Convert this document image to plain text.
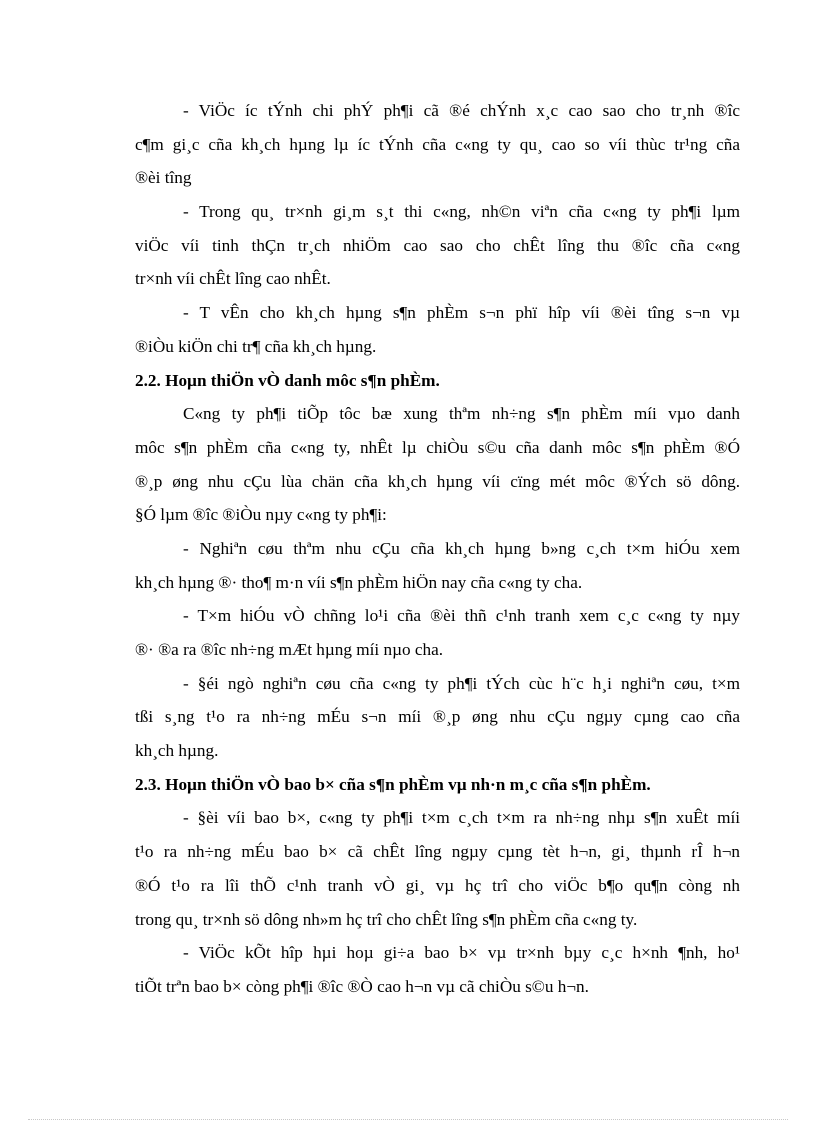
- ViÖc íc tÝnh chi phÝ ph¶i cã ®é chÝnh x¸c cao sao cho tr¸nh ®îc
c¶m gi¸c cña kh¸ch hµng lµ íc tÝnh cña c«ng ty qu¸ cao so víi thùc tr¹ng cña
®èi tîng
- Trong qu¸ tr×nh gi¸m s¸t thi c«ng, nh©n viªn cña c«ng ty ph¶i lµm
viÖc víi tinh thÇn tr¸ch nhiÖm cao sao cho chÊt lîng thu ®îc cña c«ng
tr×nh víi chÊt lîng cao nhÊt.
- T vÊn cho kh¸ch hµng s¶n phÈm s¬n phï hîp víi ®èi tîng s¬n vµ
®iÒu kiÖn chi tr¶ cña kh¸ch hµng.
2.2. Hoµn thiÖn vÒ danh môc s¶n phÈm.
C«ng ty ph¶i tiÕp tôc bæ xung thªm nh÷ng s¶n phÈm míi vµo danh
môc s¶n phÈm cña c«ng ty, nhÊt lµ chiÒu s©u cña danh môc s¶n phÈm ®Ó
®¸p øng nhu cÇu lùa chän cña kh¸ch hµng víi cïng mét môc ®Ých sö dông.
§Ó lµm ®îc ®iÒu nµy c«ng ty ph¶i:
- Nghiªn cøu thªm nhu cÇu cña kh¸ch hµng b»ng c¸ch t×m hiÓu xem
kh¸ch hµng ®· tho¶ m·n víi s¶n phÈm hiÖn nay cña c«ng ty cha.
- T×m hiÓu vÒ chñng lo¹i cña ®èi thñ c¹nh tranh xem c¸c c«ng ty nµy
®· ®a ra ®îc nh÷ng mÆt hµng míi nµo cha.
- §éi ngò nghiªn cøu cña c«ng ty ph¶i tÝch cùc h¨c h¸i nghiªn cøu, t×m
tßi s¸ng t¹o ra nh÷ng mÉu s¬n míi ®¸p øng nhu cÇu ngµy cµng cao cña
kh¸ch hµng.
2.3. Hoµn thiÖn vÒ bao b× cña s¶n phÈm vµ nh·n m¸c cña s¶n phÈm.
- §èi víi bao b×, c«ng ty ph¶i t×m c¸ch t×m ra nh÷ng nhµ s¶n xuÊt míi
t¹o ra nh÷ng mÉu bao b× cã chÊt lîng ngµy cµng tèt h¬n, gi¸ thµnh rÎ h¬n
®Ó t¹o ra lîi thÕ c¹nh tranh vÒ gi¸ vµ hç trî cho viÖc b¶o qu¶n còng nh
trong qu¸ tr×nh sö dông nh»m hç trî cho chÊt lîng s¶n phÈm cña c«ng ty.
- ViÖc kÕt hîp hµi hoµ gi÷a bao b× vµ tr×nh bµy c¸c h×nh ¶nh, ho¹
tiÕt trªn bao b× còng ph¶i ®îc ®Ò cao h¬n vµ cã chiÒu s©u h¬n.
